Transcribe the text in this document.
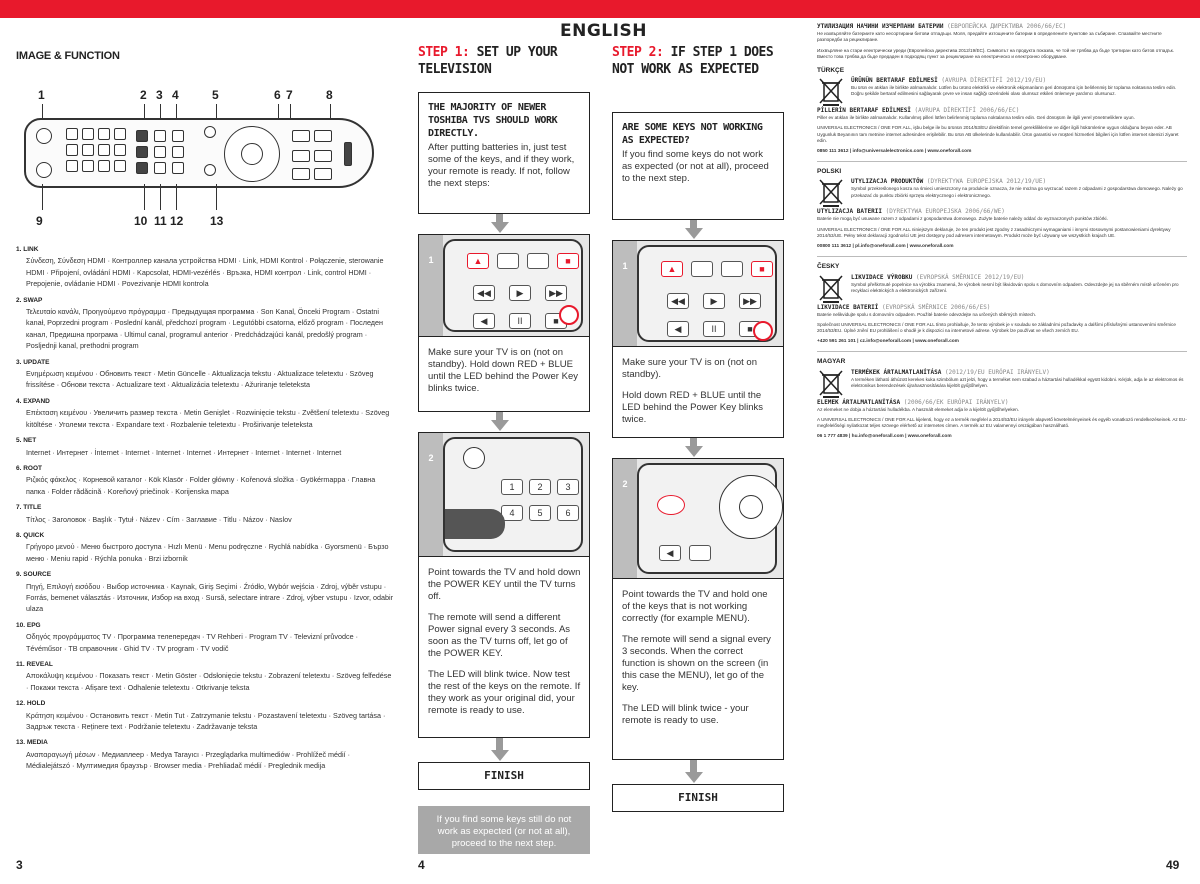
ENGLISH
IMAGE & FUNCTION
1	2 3 4	5	6 7	8
9	10 11 12 13
1. LINK
Σύνδεση, Σύνδεση HDMI · Контроллер канала устройства HDMI · Link, HDMI Kontrol · Połączenie, sterowanie HDMI · Připojení, ovládání HDMI · Kapcsolat, HDMI-vezérlés · Връзка, HDMI контрол · Link, control HDMI · Prepojenie, ovládanie HDMI · Povezivanje HDMI kontrola
2. SWAP
Τελευταίο κανάλι, Προηγούμενο πρόγραμμα · Предыдущая программа · Son Kanal, Önceki Program · Ostatni kanał, Poprzedni program · Poslední kanál, předchozí program · Legutóbbi csatorna, előző program · Последен канал, Предишна програма · Ultimul canal, programul anterior · Predchádzajúci kanál, predošlý program · Posljednji kanal, prethodni program
3. UPDATE
Ενημέρωση κειμένου · Обновить текст · Metin Güncelle · Aktualizacja tekstu · Aktualizace teletextu · Szöveg frissítése · Обнови текста · Actualizare text · Aktualizácia teletextu · Ažuriranje teleteksta
4. EXPAND
Επέκταση κειμένου · Увеличить размер текста · Metin Genişlet · Rozwinięcie tekstu · Zvětšení teletextu · Szöveg kitöltése · Уголеми текста · Expandare text · Rozbalenie teletextu · Proširivanje teleteksta
5. NET
Internet · Интернет · İnternet · Internet · Internet · Internet · Интернет · Internet · Internet · Internet
6. ROOT
Ριζικός φάκελος · Корневой каталог · Kök Klasör · Folder główny · Kořenová složka · Gyökérmappa · Главна папка · Folder rădăcină · Koreňový priečinok · Korijenska mapa
7. TITLE
Τίτλος · Заголовок · Başlık · Tytuł · Název · Cím · Заглавие · Titlu · Názov · Naslov
8. QUICK
Γρήγορο μενού · Меню быстрого доступа · Hızlı Menü · Menu podręczne · Rychlá nabídka · Gyorsmenü · Бързо меню · Meniu rapid · Rýchla ponuka · Brzi izbornik
9. SOURCE
Πηγή, Επιλογή εισόδου · Выбор источника · Kaynak, Giriş Seçimi · Źródło, Wybór wejścia · Zdroj, výběr vstupu · Forrás, bemenet választás · Източник, Избор на вход · Sursă, selectare intrare · Zdroj, výber vstupu · Izvor, odabir ulaza
10. EPG
Οδηγός προγράμματος TV · Программа телепередач · TV Rehberi · Program TV · Televizní průvodce · Tévéműsor · ТВ справочник · Ghid TV · TV program · TV vodič
11. REVEAL
Αποκάλυψη κειμένου · Показать текст · Metin Göster · Odsłonięcie tekstu · Zobrazení teletextu · Szöveg felfedése · Покажи текста · Afișare text · Odhalenie teletextu · Otkrivanje teksta
12. HOLD
Κράτηση κειμένου · Остановить текст · Metin Tut · Zatrzymanie tekstu · Pozastavení teletextu · Szöveg tartása · Задръж текста · Reținere text · Podržanie teletextu · Zadržavanje teksta
13. MEDIA
Αναπαραγωγή μέσων · Медиаплеер · Medya Tarayıcı · Przeglądarka multimediów · Prohlížeč médií · Médialejátszó · Мултимедия браузър · Browser media · Prehliadač médií · Preglednik medija
3
STEP 1: SET UP YOUR TELEVISION
THE MAJORITY OF NEWER TOSHIBA TVS SHOULD WORK DIRECTLY.

After putting batteries in, just test some of the keys, and if they work, your remote is ready. If not, follow the next steps:

1	▲	■
◀◀	▶	▶▶
◀	II	■
Make sure your TV is on (not on standby). Hold down RED + BLUE until the LED behind the Power Key blinks twice.
2
1	2	3
4	5	6

Point towards the TV and hold down the POWER KEY until the TV turns off.

The remote will send a different Power signal every 3 seconds. As soon as the TV turns off, let go of the POWER KEY.

The LED will blink twice. Now test the rest of the keys on the remote. If they work as your original did, your remote is ready to use.

FINISH
If you find some keys still do not work as expected (or not at all), proceed to the next step.
4
STEP 2: IF STEP 1 DOES NOT WORK AS EXPECTED
ARE SOME KEYS NOT WORKING AS EXPECTED?

If you find some keys do not work as expected (or not at all), proceed to the next step.

1	▲	■
◀◀	▶	▶▶
◀	II	■

Make sure your TV is on (not on standby).

Hold down RED + BLUE until the LED behind the Power Key blinks twice.

2
◀

Point towards the TV and hold one of the keys that is not working correctly (for example MENU).

The remote will send a signal every 3 seconds. When the correct function is shown on the screen (in this case the MENU), let go of the key.

The LED will blink twice - your remote is ready to use.

FINISH
УТИЛИЗАЦИЯ НАЧИНИ ИЗЧЕРПАНИ БАТЕРИИ (ЕВРОПЕЙСКА ДИРЕКТИВА 2006/66/ЕС)
Не изхвърляйте батериите като несортирани битови отпадъци. Моля, предайте изтощените батерии в определените пунктове за събиране. Спазвайте местните разпоредби за рециклиране.
Изхвърляне на стари електрически уреди (Европейска директива 2012/19/ЕС). Символът на продукта показва, че той не трябва да бъде третиран като битов отпадък. Вместо това трябва да бъде предаден в подходящ пункт за рециклиране на електрическо и електронно оборудване.
TÜRKÇE
ÜRÜNÜN BERTARAF EDİLMESİ (AVRUPA DİREKTİFİ 2012/19/EU)
Bu ürün ev atıkları ile birlikte atılmamalıdır. Lütfen bu ürünü elektrikli ve elektronik ekipmanların geri dönüşümü için belirlenmiş bir toplama noktasına teslim edin. Doğru şekilde bertaraf edilmesini sağlayarak çevre ve insan sağlığı üzerindeki olası olumsuz etkileri önlemeye yardımcı olursunuz.
PİLLERİN BERTARAF EDİLMESİ (AVRUPA DİREKTİFİ 2006/66/EC)
Piller ev atıkları ile birlikte atılmamalıdır. Kullanılmış pilleri lütfen belirlenmiş toplama noktalarına teslim edin. Geri dönüşüm ile ilgili yerel yönetmeliklere uyun.
UNIVERSAL ELECTRONICS / ONE FOR ALL, işbu belge ile bu ürünün 2014/53/EU direktifinin temel gerekliliklerine ve diğer ilgili hükümlerine uygun olduğunu beyan eder. AB Uygunluk Beyanının tam metnine internet adresinden erişilebilir. Bu ürün AB ülkelerinde kullanılabilir. Ürün garantisi ve müşteri hizmetleri bilgileri için lütfen internet sitemizi ziyaret edin.
0850 111 3612 | info@universalelectronics.com | www.oneforall.com
POLSKI
UTYLIZACJA PRODUKTÓW (DYREKTYWA EUROPEJSKA 2012/19/UE)
Symbol przekreślonego kosza na śmieci umieszczony na produkcie oznacza, że nie można go wyrzucać razem z odpadami z gospodarstwa domowego. Należy go przekazać do punktu zbiórki sprzętu elektrycznego i elektronicznego.
UTYLIZACJA BATERII (DYREKTYWA EUROPEJSKA 2006/66/WE)
Baterie nie mogą być usuwane razem z odpadami z gospodarstwa domowego. Zużyte baterie należy oddać do wyznaczonych punktów zbiórki.
UNIVERSAL ELECTRONICS / ONE FOR ALL niniejszym deklaruje, że ten produkt jest zgodny z zasadniczymi wymaganiami i innymi stosownymi postanowieniami dyrektywy 2014/53/UE. Pełny tekst deklaracji zgodności UE jest dostępny pod adresem internetowym. Produkt może być używany we wszystkich krajach UE.
00800 111 3612 | pl.info@oneforall.com | www.oneforall.com
ČESKY
LIKVIDACE VÝROBKU (EVROPSKÁ SMĚRNICE 2012/19/EU)
Symbol přeškrtnuté popelnice na výrobku znamená, že výrobek nesmí být likvidován spolu s domovním odpadem. Odevzdejte jej na sběrném místě určeném pro recyklaci elektrických a elektronických zařízení.
LIKVIDACE BATERIÍ (EVROPSKÁ SMĚRNICE 2006/66/ES)
Baterie nelikvidujte spolu s domovním odpadem. Použité baterie odevzdejte na určených sběrných místech.
Společnost UNIVERSAL ELECTRONICS / ONE FOR ALL tímto prohlašuje, že tento výrobek je v souladu se základními požadavky a dalšími příslušnými ustanoveními směrnice 2014/53/EU. Úplné znění EU prohlášení o shodě je k dispozici na internetové adrese. Výrobek lze používat ve všech zemích EU.
+420 591 261 101 | cz.info@oneforall.com | www.oneforall.com
MAGYAR
TERMÉKEK ÁRTALMATLANÍTÁSA (2012/19/EU EURÓPAI IRÁNYELV)
A terméken látható áthúzott kerekes kuka szimbólum azt jelzi, hogy a terméket nem szabad a háztartási hulladékkal együtt kidobni. Kérjük, adja le az elektromos és elektronikus berendezések újrahasznosítására kijelölt gyűjtőhelyen.
ELEMEK ÁRTALMATLANÍTÁSA (2006/66/EK EURÓPAI IRÁNYELV)
Az elemeket ne dobja a háztartási hulladékba. A használt elemeket adja le a kijelölt gyűjtőhelyeken.
A UNIVERSAL ELECTRONICS / ONE FOR ALL kijelenti, hogy ez a termék megfelel a 2014/53/EU irányelv alapvető követelményeinek és egyéb vonatkozó rendelkezéseinek. Az EU-megfelelőségi nyilatkozat teljes szövege elérhető az internetes címen. A termék az EU valamennyi országában használható.
06 1 777 4839 | hu.info@oneforall.com | www.oneforall.com
49
